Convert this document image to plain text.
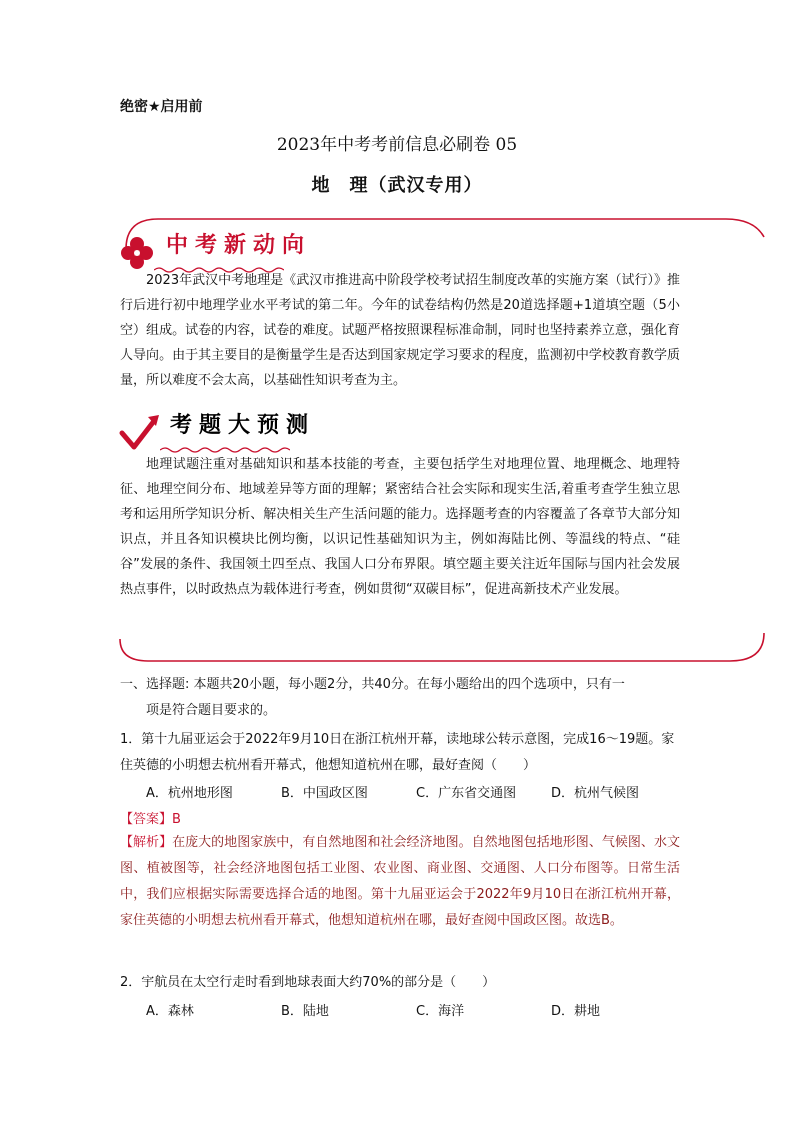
绝密★启用前
2023年中考考前信息必刷卷 05
地　理（武汉专用）
中考新动向
2023年武汉中考地理是《武汉市推进高中阶段学校考试招生制度改革的实施方案（试行）》推行后进行初中地理学业水平考试的第二年。今年的试卷结构仍然是20道选择题+1道填空题（5小空）组成。试卷的内容，试卷的难度。试题严格按照课程标准命制，同时也坚持素养立意，强化育人导向。由于其主要目的是衡量学生是否达到国家规定学习要求的程度，监测初中学校教育教学质量，所以难度不会太高，以基础性知识考查为主。
考题大预测
地理试题注重对基础知识和基本技能的考查，主要包括学生对地理位置、地理概念、地理特征、地理空间分布、地域差异等方面的理解；紧密结合社会实际和现实生活,着重考查学生独立思考和运用所学知识分析、解决相关生产生活问题的能力。选择题考查的内容覆盖了各章节大部分知识点，并且各知识模块比例均衡，以识记性基础知识为主，例如海陆比例、等温线的特点、“硅谷”发展的条件、我国领土四至点、我国人口分布界限。填空题主要关注近年国际与国内社会发展热点事件，以时政热点为载体进行考查，例如贯彻“双碳目标”，促进高新技术产业发展。
一、选择题: 本题共20小题，每小题2分，共40分。在每小题给出的四个选项中，只有一
项是符合题目要求的。
1．第十九届亚运会于2022年9月10日在浙江杭州开幕，读地球公转示意图，完成16～19题。家住英德的小明想去杭州看开幕式，他想知道杭州在哪，最好查阅（　　）
A．杭州地形图	B．中国政区图	C．广东省交通图	D．杭州气候图
【答案】B
【解析】在庞大的地图家族中，有自然地图和社会经济地图。自然地图包括地形图、气候图、水文图、植被图等，社会经济地图包括工业图、农业图、商业图、交通图、人口分布图等。日常生活中，我们应根据实际需要选择合适的地图。第十九届亚运会于2022年9月10日在浙江杭州开幕，家住英德的小明想去杭州看开幕式，他想知道杭州在哪，最好查阅中国政区图。故选B。
2．宇航员在太空行走时看到地球表面大约70%的部分是（　　）
A．森林	B．陆地	C．海洋	D．耕地
